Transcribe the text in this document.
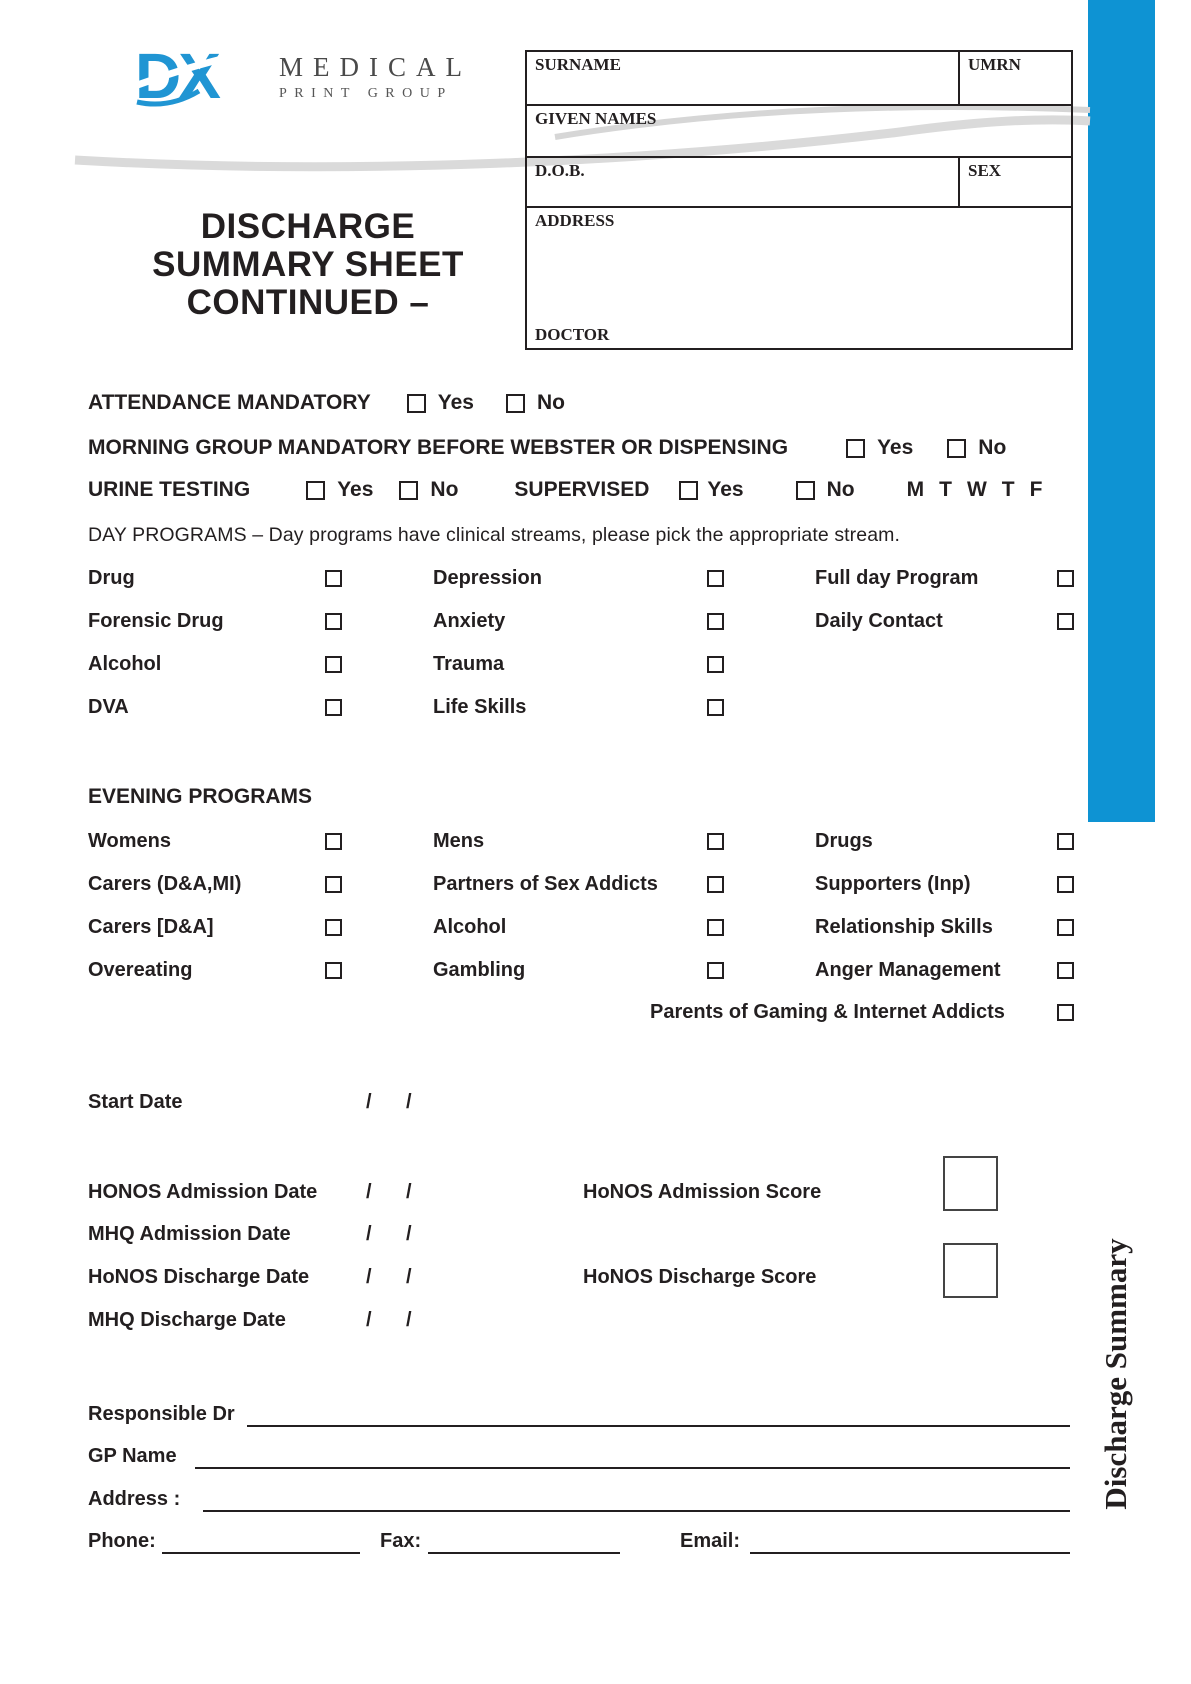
DX MEDICAL
PRINT GROUP
DISCHARGE
SUMMARY SHEET
CONTINUED –
SURNAME	UMRN
GIVEN NAMES
D.O.B.	SEX
ADDRESS
DOCTOR
ATTENDANCE MANDATORY	Yes	No
MORNING GROUP MANDATORY BEFORE WEBSTER OR DISPENSING	Yes	No
URINE TESTING	Yes	No	SUPERVISED	Yes	No M T W T F
DAY PROGRAMS – Day programs have clinical streams, please pick the appropriate stream.
Drug	Depression	Full day Program
Forensic Drug	Anxiety	Daily Contact
Alcohol	Trauma
DVA	Life Skills
EVENING PROGRAMS
Womens	Mens	Drugs
Carers (D&A,MI)	Partners of Sex Addicts	Supporters (Inp)
Carers [D&A]	Alcohol	Relationship Skills
Overeating	Gambling	Anger Management
Parents of Gaming & Internet Addicts
Start Date	/ /
HONOS Admission Date / /	HoNOS Admission Score
MHQ Admission Date	/ /
HoNOS Discharge Date	/ /	HoNOS Discharge Score
MHQ Discharge Date	/ /
Responsible Dr
GP Name
Address :
Phone:	Fax:	Email:
Discharge Summary
